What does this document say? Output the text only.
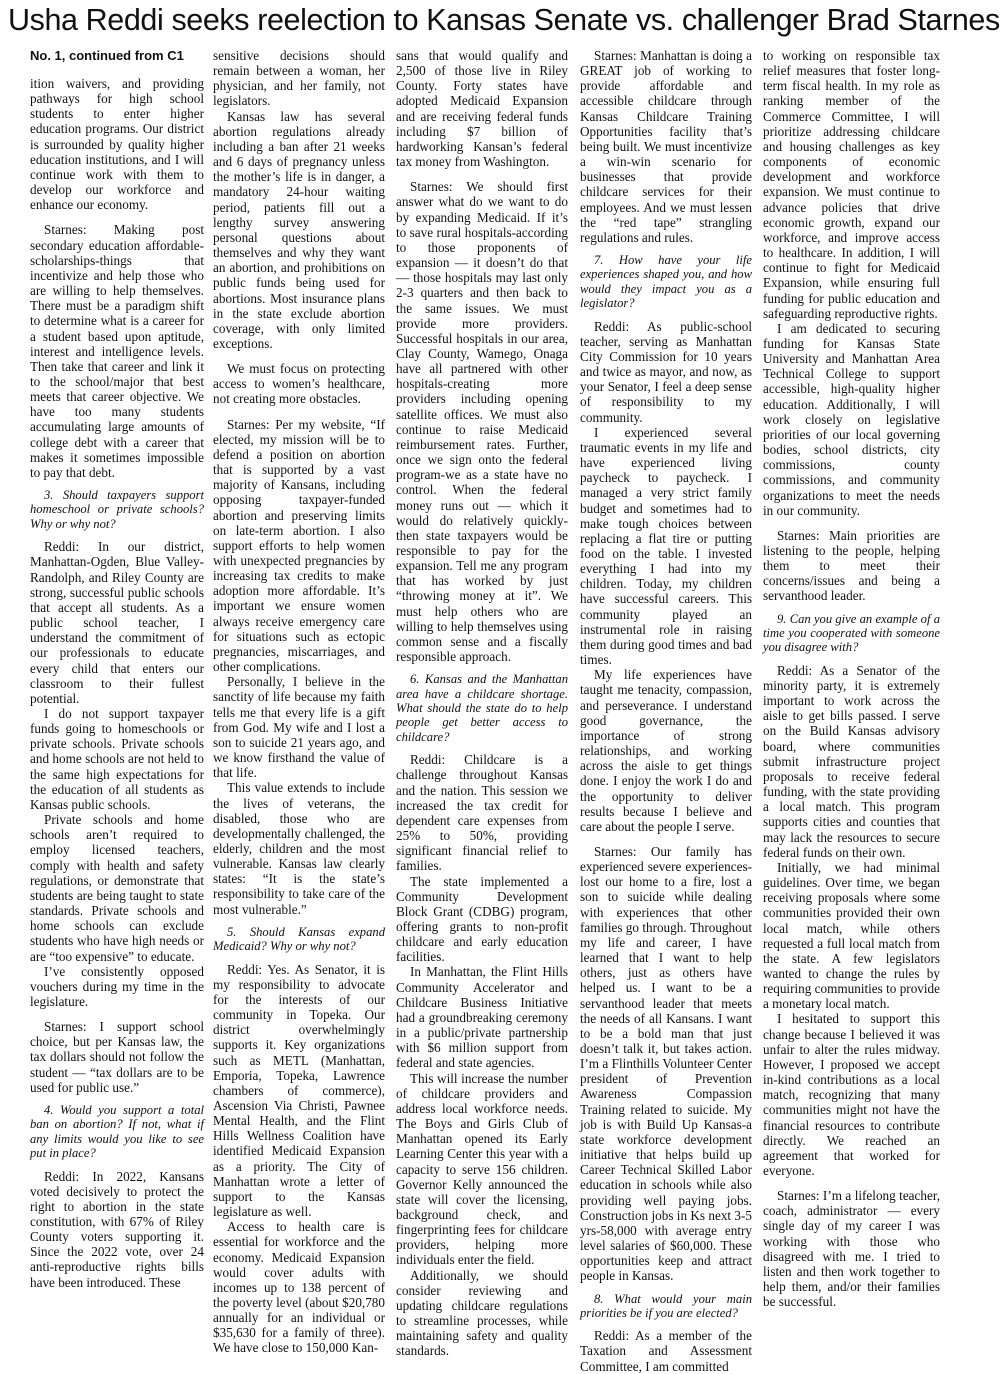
Usha Reddi seeks reelection to Kansas Senate vs. challenger Brad Starnes

No. 1, continued from C1

ition waivers, and providing pathways for high school students to enter higher education programs. Our district is surrounded by quality higher education institutions, and I will continue work with them to develop our workforce and enhance our economy.

Starnes: Making post secondary education affordable-scholarships-things that incentivize and help those who are willing to help themselves. There must be a paradigm shift to determine what is a career for a student based upon aptitude, interest and intelligence levels. Then take that career and link it to the school/major that best meets that career objective. We have too many students accumulating large amounts of college debt with a career that makes it sometimes impossible to pay that debt.

3. Should taxpayers support homeschool or private schools? Why or why not?

Reddi: In our district, Manhattan-Ogden, Blue Valley-Randolph, and Riley County are strong, successful public schools that accept all students. As a public school teacher, I understand the commitment of our professionals to educate every child that enters our classroom to their fullest potential.

I do not support taxpayer funds going to homeschools or private schools. Private schools and home schools are not held to the same high expectations for the education of all students as Kansas public schools.

Private schools and home schools aren’t required to employ licensed teachers, comply with health and safety regulations, or demonstrate that students are being taught to state standards. Private schools and home schools can exclude students who have high needs or are “too expensive” to educate.

I’ve consistently opposed vouchers during my time in the legislature.

Starnes: I support school choice, but per Kansas law, the tax dollars should not follow the student — “tax dollars are to be used for public use.”

4. Would you support a total ban on abortion? If not, what if any limits would you like to see put in place?

Reddi: In 2022, Kansans voted decisively to protect the right to abortion in the state constitution, with 67% of Riley County voters supporting it. Since the 2022 vote, over 24 anti-reproductive rights bills have been introduced. These

sensitive decisions should remain between a woman, her physician, and her family, not legislators.

Kansas law has several abortion regulations already including a ban after 21 weeks and 6 days of pregnancy unless the mother’s life is in danger, a mandatory 24-hour waiting period, patients fill out a lengthy survey answering personal questions about themselves and why they want an abortion, and prohibitions on public funds being used for abortions. Most insurance plans in the state exclude abortion coverage, with only limited exceptions.

We must focus on protecting access to women’s healthcare, not creating more obstacles.

Starnes: Per my website, “If elected, my mission will be to defend a position on abortion that is supported by a vast majority of Kansans, including opposing taxpayer-funded abortion and preserving limits on late-term abortion. I also support efforts to help women with unexpected pregnancies by increasing tax credits to make adoption more affordable. It’s important we ensure women always receive emergency care for situations such as ectopic pregnancies, miscarriages, and other complications.

Personally, I believe in the sanctity of life because my faith tells me that every life is a gift from God. My wife and I lost a son to suicide 21 years ago, and we know firsthand the value of that life.

This value extends to include the lives of veterans, the disabled, those who are developmentally challenged, the elderly, children and the most vulnerable. Kansas law clearly states: “It is the state’s responsibility to take care of the most vulnerable.”

5. Should Kansas expand Medicaid? Why or why not?

Reddi: Yes. As Senator, it is my responsibility to advocate for the interests of our community in Topeka. Our district overwhelmingly supports it. Key organizations such as METL (Manhattan, Emporia, Topeka, Lawrence chambers of commerce), Ascension Via Christi, Pawnee Mental Health, and the Flint Hills Wellness Coalition have identified Medicaid Expansion as a priority. The City of Manhattan wrote a letter of support to the Kansas legislature as well.

Access to health care is essential for workforce and the economy. Medicaid Expansion would cover adults with incomes up to 138 percent of the poverty level (about $20,780 annually for an individual or $35,630 for a family of three). We have close to 150,000 Kan-

sans that would qualify and 2,500 of those live in Riley County. Forty states have adopted Medicaid Expansion and are receiving federal funds including $7 billion of hardworking Kansan’s federal tax money from Washington.

Starnes: We should first answer what do we want to do by expanding Medicaid. If it’s to save rural hospitals-according to those proponents of expansion — it doesn’t do that — those hospitals may last only 2-3 quarters and then back to the same issues. We must provide more providers. Successful hospitals in our area, Clay County, Wamego, Onaga have all partnered with other hospitals-creating more providers including opening satellite offices. We must also continue to raise Medicaid reimbursement rates. Further, once we sign onto the federal program-we as a state have no control. When the federal money runs out — which it would do relatively quickly-then state taxpayers would be responsible to pay for the expansion. Tell me any program that has worked by just “throwing money at it”. We must help others who are willing to help themselves using common sense and a fiscally responsible approach.

6. Kansas and the Manhattan area have a childcare shortage. What should the state do to help people get better access to childcare?

Reddi: Childcare is a challenge throughout Kansas and the nation. This session we increased the tax credit for dependent care expenses from 25% to 50%, providing significant financial relief to families.

The state implemented a Community Development Block Grant (CDBG) program, offering grants to non-profit childcare and early education facilities.

In Manhattan, the Flint Hills Community Accelerator and Childcare Business Initiative had a groundbreaking ceremony in a public/private partnership with $6 million support from federal and state agencies.

This will increase the number of childcare providers and address local workforce needs. The Boys and Girls Club of Manhattan opened its Early Learning Center this year with a capacity to serve 156 children. Governor Kelly announced the state will cover the licensing, background check, and fingerprinting fees for childcare providers, helping more individuals enter the field.

Additionally, we should consider reviewing and updating childcare regulations to streamline processes, while maintaining safety and quality standards.

Starnes: Manhattan is doing a GREAT job of working to provide affordable and accessible childcare through Kansas Childcare Training Opportunities facility that’s being built. We must incentivize a win-win scenario for businesses that provide childcare services for their employees. And we must lessen the “red tape” strangling regulations and rules.

7. How have your life experiences shaped you, and how would they impact you as a legislator?

Reddi: As public-school teacher, serving as Manhattan City Commission for 10 years and twice as mayor, and now, as your Senator, I feel a deep sense of responsibility to my community.

I experienced several traumatic events in my life and have experienced living paycheck to paycheck. I managed a very strict family budget and sometimes had to make tough choices between replacing a flat tire or putting food on the table. I invested everything I had into my children. Today, my children have successful careers. This community played an instrumental role in raising them during good times and bad times.

My life experiences have taught me tenacity, compassion, and perseverance. I understand good governance, the importance of strong relationships, and working across the aisle to get things done. I enjoy the work I do and the opportunity to deliver results because I believe and care about the people I serve.

Starnes: Our family has experienced severe experiences-lost our home to a fire, lost a son to suicide while dealing with experiences that other families go through. Throughout my life and career, I have learned that I want to help others, just as others have helped us. I want to be a servanthood leader that meets the needs of all Kansans. I want to be a bold man that just doesn’t talk it, but takes action. I’m a Flinthills Volunteer Center president of Prevention Awareness Compassion Training related to suicide. My job is with Build Up Kansas-a state workforce development initiative that helps build up Career Technical Skilled Labor education in schools while also providing well paying jobs. Construction jobs in Ks next 3-5 yrs-58,000 with average entry level salaries of $60,000. These opportunities keep and attract people in Kansas.

8. What would your main priorities be if you are elected?

Reddi: As a member of the Taxation and Assessment Committee, I am committed

to working on responsible tax relief measures that foster long-term fiscal health. In my role as ranking member of the Commerce Committee, I will prioritize addressing childcare and housing challenges as key components of economic development and workforce expansion. We must continue to advance policies that drive economic growth, expand our workforce, and improve access to healthcare. In addition, I will continue to fight for Medicaid Expansion, while ensuring full funding for public education and safeguarding reproductive rights.

I am dedicated to securing funding for Kansas State University and Manhattan Area Technical College to support accessible, high-quality higher education. Additionally, I will work closely on legislative priorities of our local governing bodies, school districts, city commissions, county commissions, and community organizations to meet the needs in our community.

Starnes: Main priorities are listening to the people, helping them to meet their concerns/issues and being a servanthood leader.

9. Can you give an example of a time you cooperated with someone you disagree with?

Reddi: As a Senator of the minority party, it is extremely important to work across the aisle to get bills passed. I serve on the Build Kansas advisory board, where communities submit infrastructure project proposals to receive federal funding, with the state providing a local match. This program supports cities and counties that may lack the resources to secure federal funds on their own.

Initially, we had minimal guidelines. Over time, we began receiving proposals where some communities provided their own local match, while others requested a full local match from the state. A few legislators wanted to change the rules by requiring communities to provide a monetary local match.

I hesitated to support this change because I believed it was unfair to alter the rules midway. However, I proposed we accept in-kind contributions as a local match, recognizing that many communities might not have the financial resources to contribute directly. We reached an agreement that worked for everyone.

Starnes: I’m a lifelong teacher, coach, administrator — every single day of my career I was working with those who disagreed with me. I tried to listen and then work together to help them, and/or their families be successful.
